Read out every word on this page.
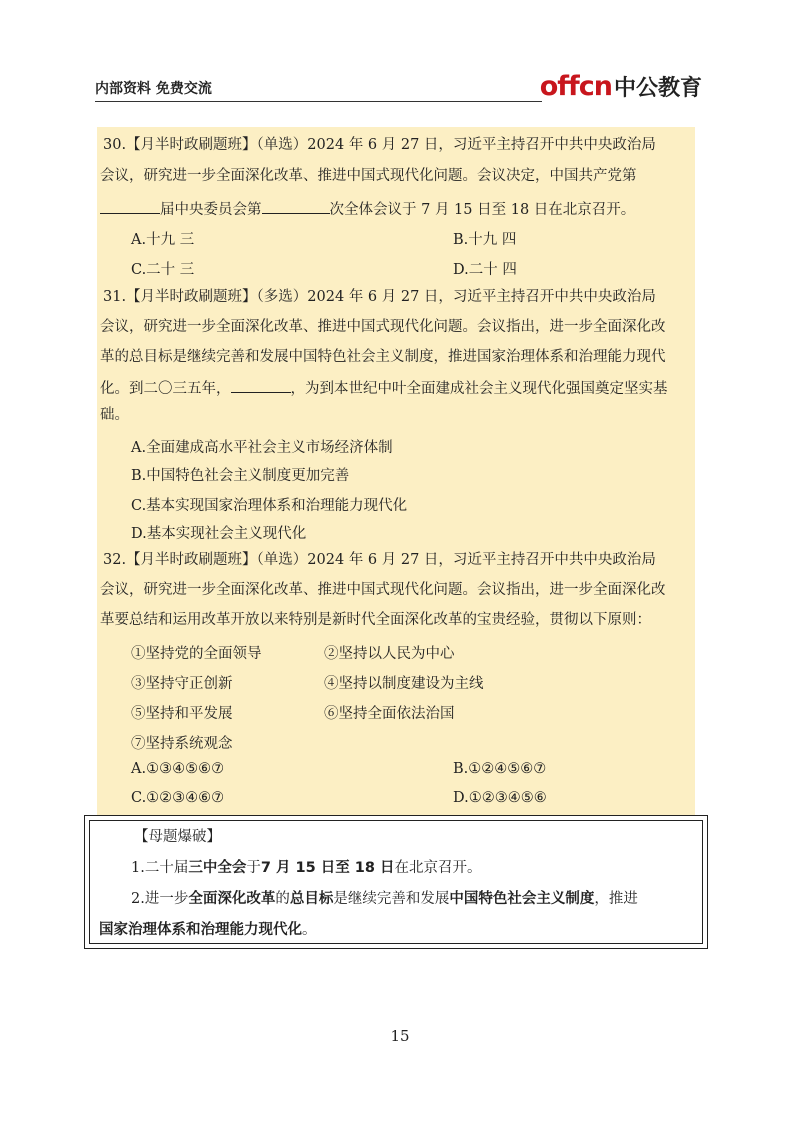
内部资料 免费交流	offcn 中公教育
30.【月半时政刷题班】（单选）2024 年 6 月 27 日，习近平主持召开中共中央政治局
会议，研究进一步全面深化改革、推进中国式现代化问题。会议决定，中国共产党第
届中央委员会第	次全体会议于 7 月 15 日至 18 日在北京召开。
A.十九 三	B.十九 四
C.二十 三	D.二十 四
31.【月半时政刷题班】（多选）2024 年 6 月 27 日，习近平主持召开中共中央政治局
会议，研究进一步全面深化改革、推进中国式现代化问题。会议指出，进一步全面深化改
革的总目标是继续完善和发展中国特色社会主义制度，推进国家治理体系和治理能力现代
化。到二〇三五年，	，为到本世纪中叶全面建成社会主义现代化强国奠定坚实基
础。
A.全面建成高水平社会主义市场经济体制
B.中国特色社会主义制度更加完善
C.基本实现国家治理体系和治理能力现代化
D.基本实现社会主义现代化
32.【月半时政刷题班】（单选）2024 年 6 月 27 日，习近平主持召开中共中央政治局
会议，研究进一步全面深化改革、推进中国式现代化问题。会议指出，进一步全面深化改
革要总结和运用改革开放以来特别是新时代全面深化改革的宝贵经验，贯彻以下原则：
①坚持党的全面领导	②坚持以人民为中心
③坚持守正创新	④坚持以制度建设为主线
⑤坚持和平发展	⑥坚持全面依法治国
⑦坚持系统观念
A.①③④⑤⑥⑦	B.①②④⑤⑥⑦
C.①②③④⑥⑦	D.①②③④⑤⑥
【母题爆破】
1.二十届三中全会于7 月 15 日至 18 日在北京召开。
2.进一步全面深化改革的总目标是继续完善和发展中国特色社会主义制度，推进
国家治理体系和治理能力现代化。
15
